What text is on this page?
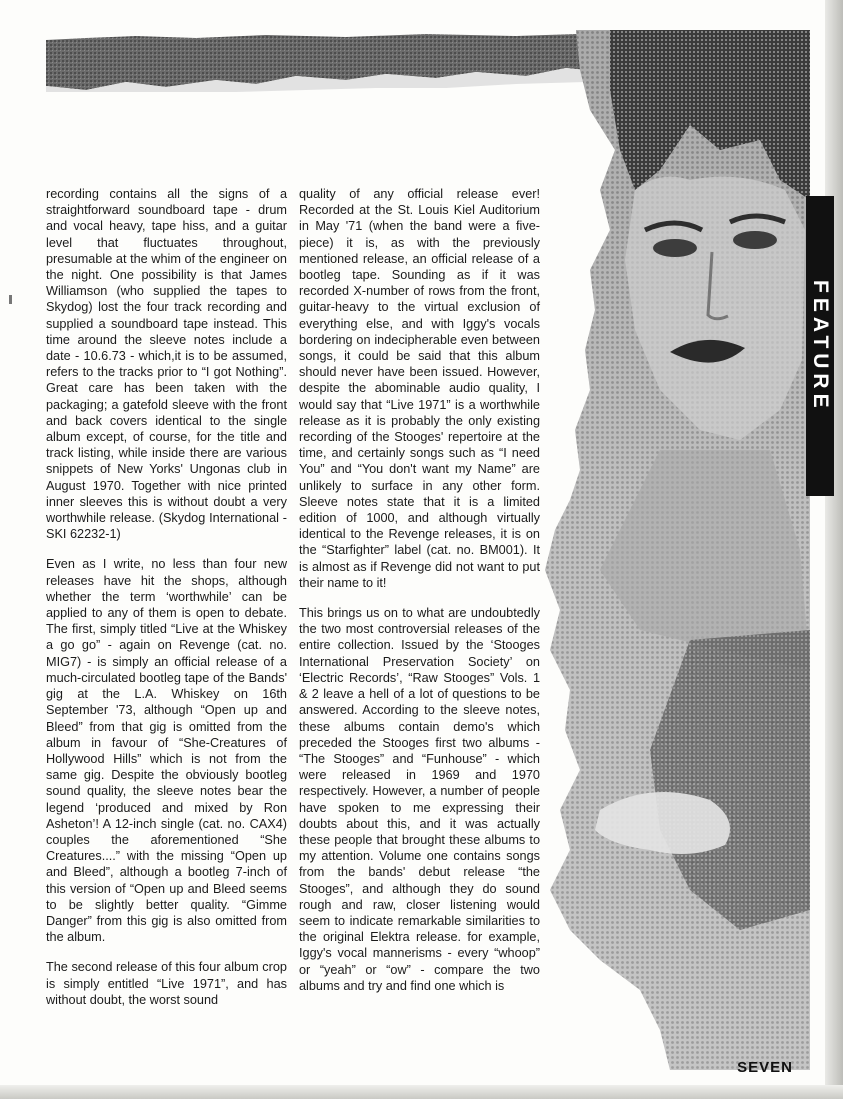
FEATURE

recording contains all the signs of a straightforward soundboard tape - drum and vocal heavy, tape hiss, and a guitar level that fluctuates throughout, presumable at the whim of the engineer on the night. One possibility is that James Williamson (who supplied the tapes to Skydog) lost the four track recording and supplied a soundboard tape instead. This time around the sleeve notes include a date - 10.6.73 - which,it is to be assumed, refers to the tracks prior to “I got Nothing”. Great care has been taken with the packaging; a gatefold sleeve with the front and back covers identical to the single album except, of course, for the title and track listing, while inside there are various snippets of New Yorks' Ungonas club in August 1970. Together with nice printed inner sleeves this is without doubt a very worthwhile release. (Skydog International - SKI 62232-1)

Even as I write, no less than four new releases have hit the shops, although whether the term ‘worthwhile’ can be applied to any of them is open to debate. The first, simply titled “Live at the Whiskey a go go” - again on Revenge (cat. no. MIG7) - is simply an official release of a much-circulated bootleg tape of the Bands' gig at the L.A. Whiskey on 16th September '73, although “Open up and Bleed” from that gig is omitted from the album in favour of “She-Creatures of Hollywood Hills” which is not from the same gig. Despite the obviously bootleg sound quality, the sleeve notes bear the legend ‘produced and mixed by Ron Asheton’! A 12-inch single (cat. no. CAX4) couples the aforementioned “She Creatures....” with the missing “Open up and Bleed”, although a bootleg 7-inch of this version of “Open up and Bleed seems to be slightly better quality. “Gimme Danger” from this gig is also omitted from the album.

The second release of this four album crop is simply entitled “Live 1971”, and has without doubt, the worst sound

quality of any official release ever! Recorded at the St. Louis Kiel Auditorium in May '71 (when the band were a five-piece) it is, as with the previously mentioned release, an official release of a bootleg tape. Sounding as if it was recorded X-number of rows from the front, guitar-heavy to the virtual exclusion of everything else, and with Iggy's vocals bordering on indecipherable even between songs, it could be said that this album should never have been issued. However, despite the abominable audio quality, I would say that “Live 1971” is a worthwhile release as it is probably the only existing recording of the Stooges' repertoire at the time, and certainly songs such as “I need You” and “You don't want my Name” are unlikely to surface in any other form. Sleeve notes state that it is a limited edition of 1000, and although virtually identical to the Revenge releases, it is on the “Starfighter” label (cat. no. BM001). It is almost as if Revenge did not want to put their name to it!

This brings us on to what are undoubtedly the two most controversial releases of the entire collection. Issued by the ‘Stooges International Preservation Society’ on ‘Electric Records’, “Raw Stooges” Vols. 1 & 2 leave a hell of a lot of questions to be answered. According to the sleeve notes, these albums contain demo's which preceded the Stooges first two albums - “The Stooges” and “Funhouse” - which were released in 1969 and 1970 respectively. However, a number of people have spoken to me expressing their doubts about this, and it was actually these people that brought these albums to my attention. Volume one contains songs from the bands' debut release “the Stooges”, and although they do sound rough and raw, closer listening would seem to indicate remarkable similarities to the original Elektra release. for example, Iggy's vocal mannerisms - every “whoop” or “yeah” or “ow” - compare the two albums and try and find one which is

SEVEN
